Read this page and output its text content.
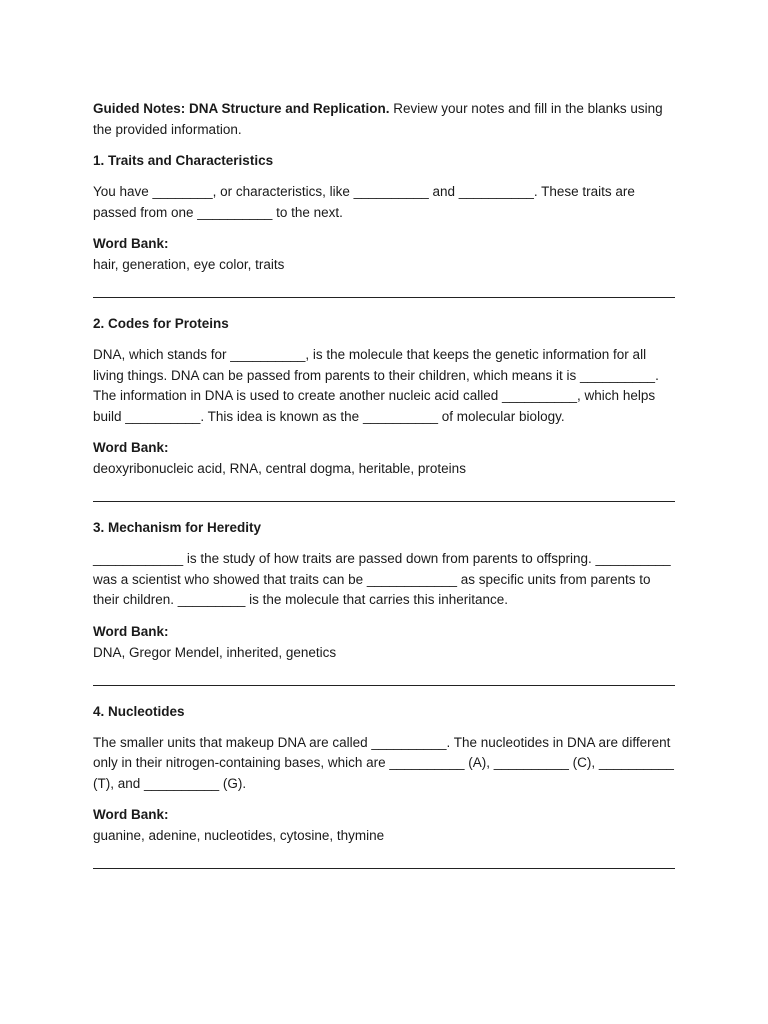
Guided Notes: DNA Structure and Replication. Review your notes and fill in the blanks using the provided information.

1. Traits and Characteristics

You have ________, or characteristics, like __________ and __________. These traits are passed from one __________ to the next.

Word Bank:

hair, generation, eye color, traits

2. Codes for Proteins

DNA, which stands for __________, is the molecule that keeps the genetic information for all living things. DNA can be passed from parents to their children, which means it is __________. The information in DNA is used to create another nucleic acid called __________, which helps build __________. This idea is known as the __________ of molecular biology.

Word Bank:

deoxyribonucleic acid, RNA, central dogma, heritable, proteins

3. Mechanism for Heredity

____________ is the study of how traits are passed down from parents to offspring. __________ was a scientist who showed that traits can be ____________ as specific units from parents to their children. _________ is the molecule that carries this inheritance.

Word Bank:

DNA, Gregor Mendel, inherited, genetics

4. Nucleotides

The smaller units that makeup DNA are called __________. The nucleotides in DNA are different only in their nitrogen-containing bases, which are __________ (A), __________ (C), __________ (T), and __________ (G).

Word Bank:

guanine, adenine, nucleotides, cytosine, thymine
